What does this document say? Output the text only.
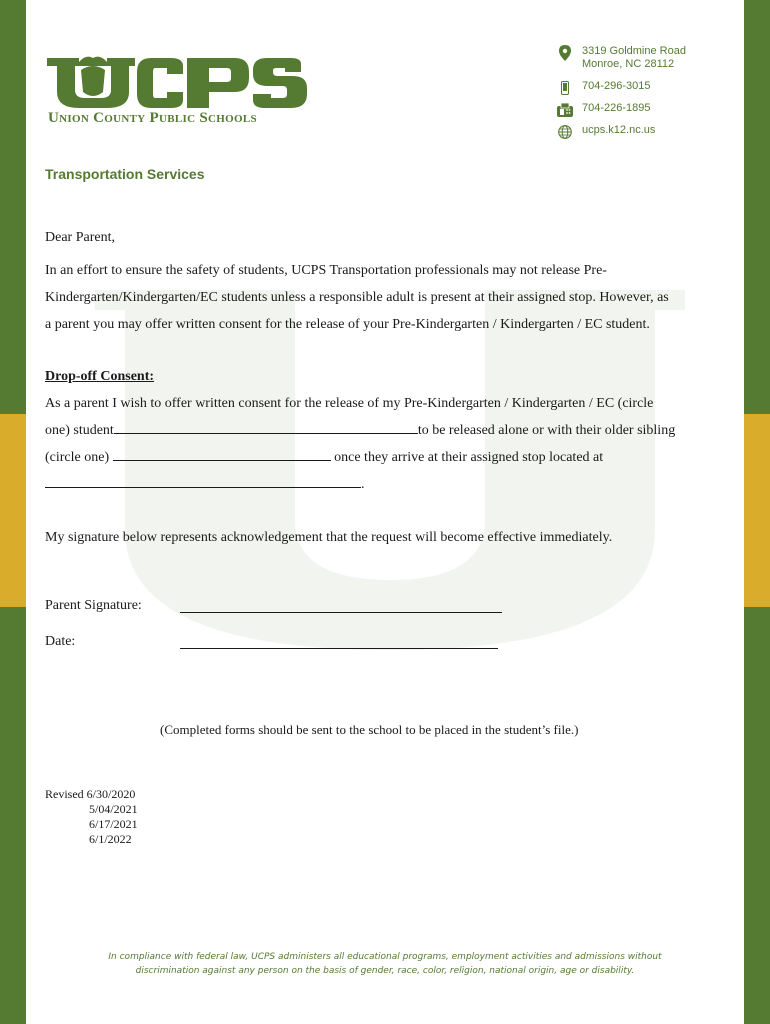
UCPS
Union County Public Schools
3319 Goldmine Road
Monroe, NC 28112
704-296-3015
704-226-1895
ucps.k12.nc.us
Transportation Services
Dear Parent,
In an effort to ensure the safety of students, UCPS Transportation professionals may not release Pre-
Kindergarten/Kindergarten/EC students unless a responsible adult is present at their assigned stop. However, as
a parent you may offer written consent for the release of your Pre-Kindergarten / Kindergarten / EC student.
Drop-off Consent:
As a parent I wish to offer written consent for the release of my Pre-Kindergarten / Kindergarten / EC (circle
one) student	to be released alone or with their older sibling
(circle one)	once they arrive at their assigned stop located at
.
My signature below represents acknowledgement that the request will become effective immediately.
Parent Signature:
Date:
(Completed forms should be sent to the school to be placed in the student’s file.)
Revised 6/30/2020
5/04/2021
6/17/2021
6/1/2022
In compliance with federal law, UCPS administers all educational programs, employment activities and admissions without
discrimination against any person on the basis of gender, race, color, religion, national origin, age or disability.
